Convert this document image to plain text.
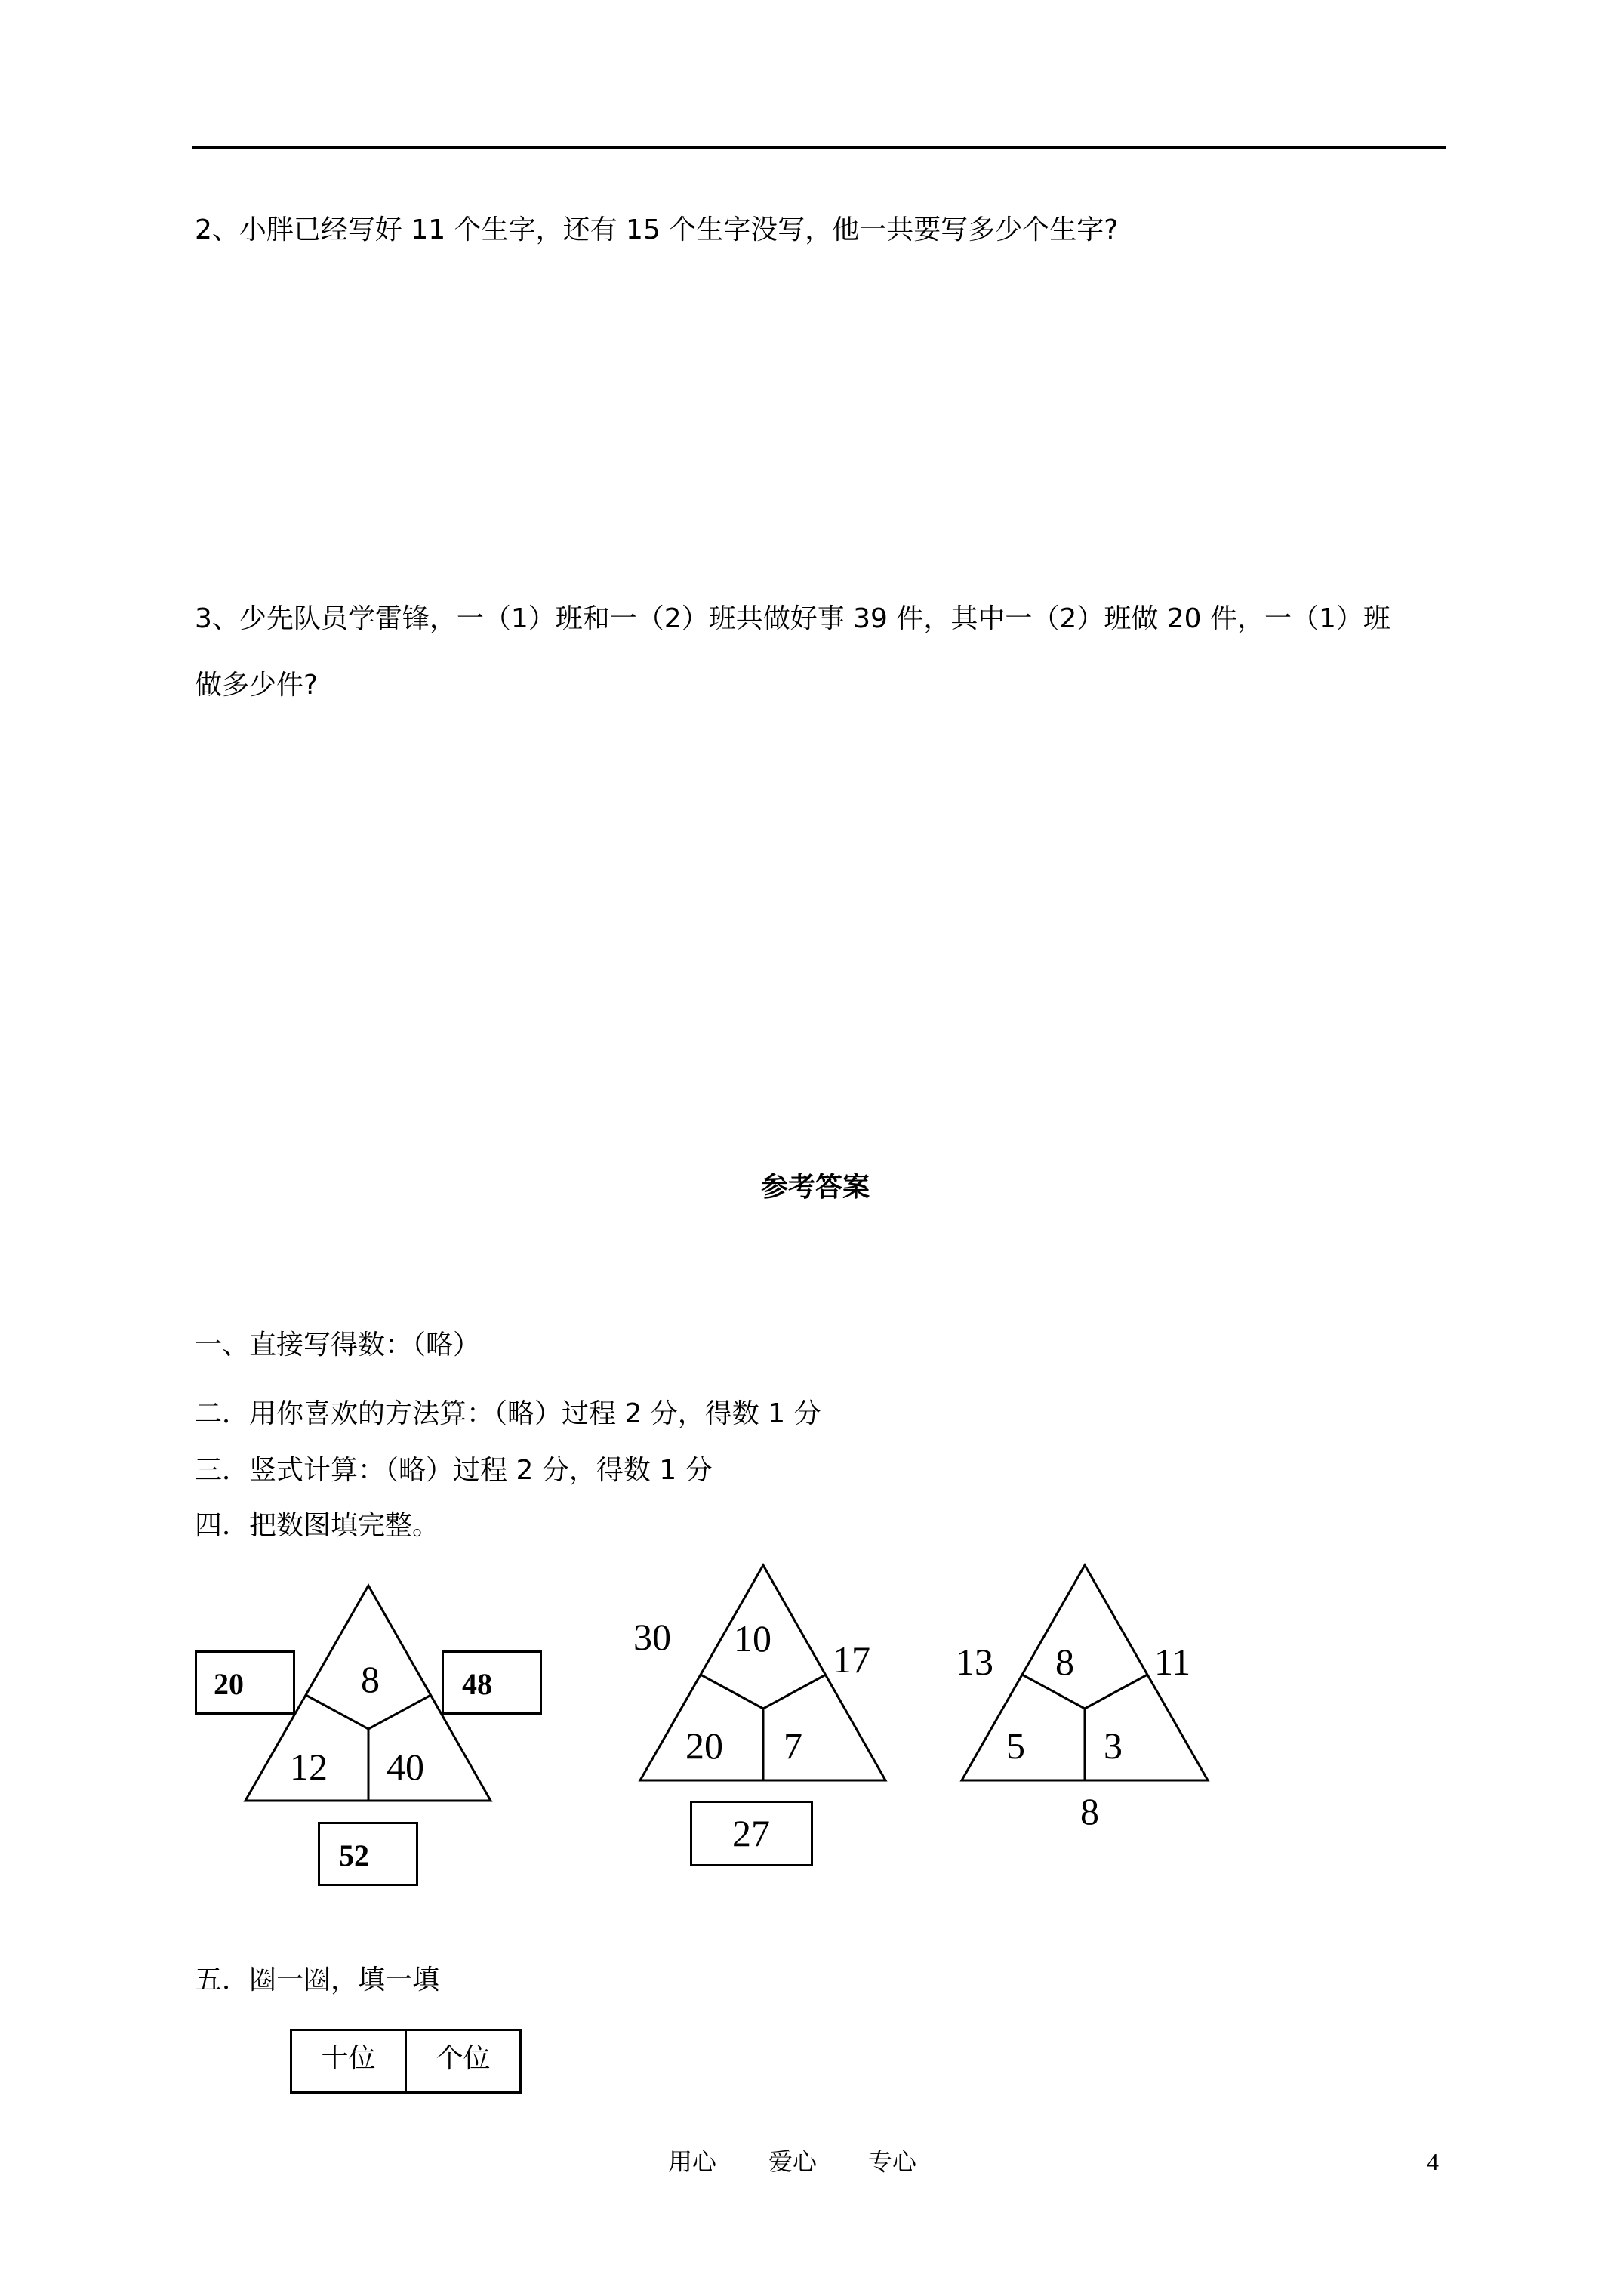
2、小胖已经写好 11 个生字，还有 15 个生字没写，他一共要写多少个生字?
3、少先队员学雷锋，一（1）班和一（2）班共做好事 39 件，其中一（2）班做 20 件，一（1）班
做多少件?
参考答案
一、直接写得数：（略）
二．用你喜欢的方法算：（略）过程 2 分，得数 1 分
三．竖式计算：（略）过程 2 分，得数 1 分
四．把数图填完整。
20	48
8
12 40
52
30 10 17
20 7
27
13 8 11
5 3
8
五．圈一圈，填一填
十位	个位
用心 爱心 专心	4
